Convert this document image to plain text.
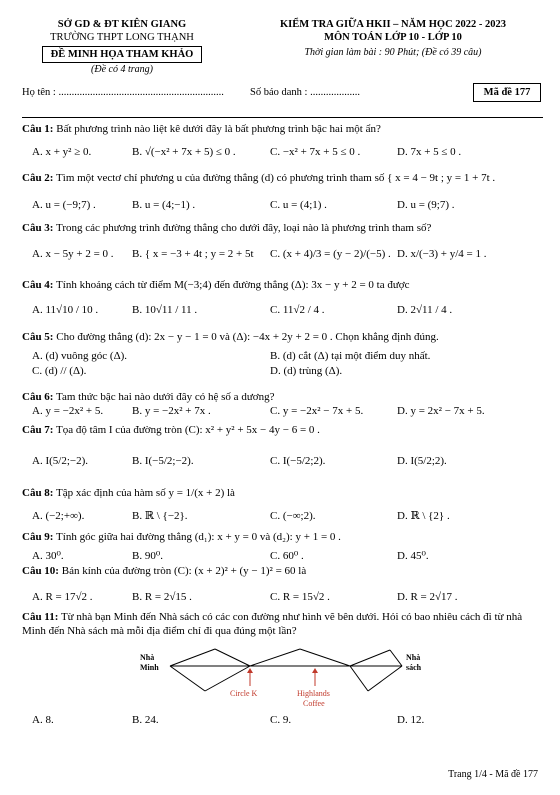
SỞ GD & ĐT KIÊN GIANG
TRƯỜNG THPT LONG THẠNH
ĐỀ MINH HỌA THAM KHẢO
(Đề có 4 trang)
KIỂM TRA GIỮA HKII – NĂM HỌC 2022 - 2023
MÔN TOÁN LỚP 10 - LỚP 10
Thời gian làm bài : 90 Phút; (Đề có 39 câu)
Họ tên : ............................................................... Số báo danh : ...................	Mã đề 177
Câu 1: Bất phương trình nào liệt kê dưới đây là bất phương trình bậc hai một ẩn?
A. x + y² ≥ 0.	B. √(−x² + 7x + 5) ≤ 0 .	C. −x² + 7x + 5 ≤ 0 .	D. 7x + 5 ≤ 0 .
Câu 2: Tìm một vectơ chỉ phương u của đường thẳng (d) có phương trình tham số { x = 4 − 9t ; y = 1 + 7t .
A. u = (−9;7) .	B. u = (4;−1) .	C. u = (4;1) .	D. u = (9;7) .
Câu 3: Trong các phương trình đường thẳng cho dưới đây, loại nào là phương trình tham số?
A. x − 5y + 2 = 0 . B. { x = −3 + 4t ; y = 2 + 5t C. (x + 4)/3 = (y − 2)/(−5) . D. x/(−3) + y/4 = 1 .
Câu 4: Tính khoảng cách từ điểm M(−3;4) đến đường thẳng (Δ): 3x − y + 2 = 0 ta được
A. 11√10 / 10 .	B. 10√11 / 11 .	C. 11√2 / 4 .	D. 2√11 / 4 .
Câu 5: Cho đường thẳng (d): 2x − y − 1 = 0 và (Δ): −4x + 2y + 2 = 0 . Chọn khẳng định đúng.
A. (d) vuông góc (Δ).	B. (d) cắt (Δ) tại một điểm duy nhất.
C. (d) // (Δ).	D. (d) trùng (Δ).
Câu 6: Tam thức bậc hai nào dưới đây có hệ số a dương?
A. y = −2x² + 5.	B. y = −2x² + 7x .	C. y = −2x² − 7x + 5.	D. y = 2x² − 7x + 5.
Câu 7: Tọa độ tâm I của đường tròn (C): x² + y² + 5x − 4y − 6 = 0 .
A. I(5/2;−2).	B. I(−5/2;−2).	C. I(−5/2;2).	D. I(5/2;2).
Câu 8: Tập xác định của hàm số y = 1/(x + 2) là
A. (−2;+∞).	B. ℝ \ {−2}.	C. (−∞;2).	D. ℝ \ {2} .
Câu 9: Tính góc giữa hai đường thẳng (d₁): x + y = 0 và (d₂): y + 1 = 0 .
A. 30⁰.	B. 90⁰.	C. 60⁰ .	D. 45⁰.
Câu 10: Bán kính của đường tròn (C): (x + 2)² + (y − 1)² = 60 là
A. R = 17√2 .	B. R = 2√15 .	C. R = 15√2 .	D. R = 2√17 .
Câu 11: Từ nhà bạn Minh đến Nhà sách có các con đường như hình vẽ bên dưới. Hỏi có bao nhiêu cách đi từ nhà Minh đến Nhà sách mà mỗi địa điểm chỉ đi qua đúng một lần?
A. 8.	B. 24.	C. 9.	D. 12.
Nhà
Minh
Nhà
sách
Circle K	Highlands
Coffee
Trang 1/4 - Mã đề 177
